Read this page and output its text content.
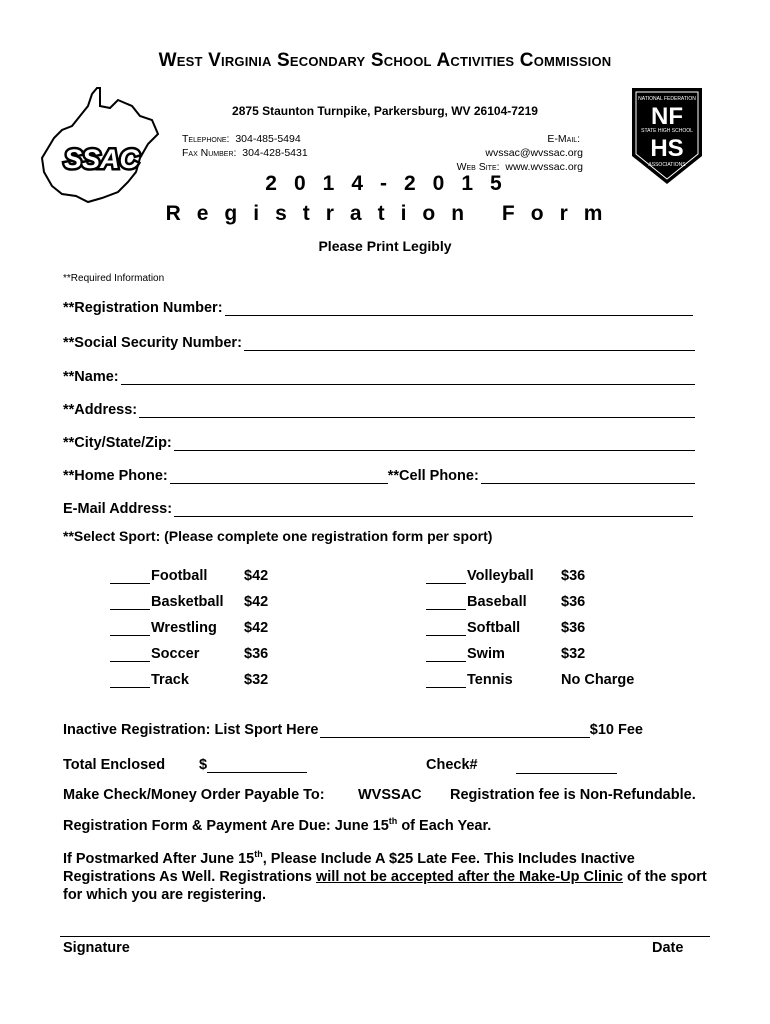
West Virginia Secondary School Activities Commission
SSAC
NATIONAL FEDERATION
NF
STATE HIGH SCHOOL
HS
ASSOCIATIONS
2875 Staunton Turnpike, Parkersburg, WV 26104-7219
Telephone: 304-485-5494
Fax Number: 304-428-5431
E-Mail:  wvssac@wvssac.org
Web Site: www.wvssac.org
2014-2015
Registration Form
Please Print Legibly
**Required Information
**Registration Number:
**Social Security Number:
**Name:
**Address:
**City/State/Zip:
**Home Phone:	**Cell Phone:
E-Mail Address:
**Select Sport: (Please complete one registration form per sport)
Football	$42
Basketball	$42
Wrestling	$42
Soccer	$36
Track	$32
Volleyball	$36
Baseball	$36
Softball	$36
Swim	$32
Tennis	No Charge
Inactive Registration: List Sport Here	$10 Fee
Total Enclosed $	Check#
Make Check/Money Order Payable To: WVSSAC Registration fee is Non-Refundable.
Registration Form & Payment Are Due: June 15th of Each Year.
If Postmarked After June 15th, Please Include A $25 Late Fee. This Includes Inactive Registrations As Well. Registrations will not be accepted after the Make-Up Clinic of the sport for which you are registering.
Signature	Date
